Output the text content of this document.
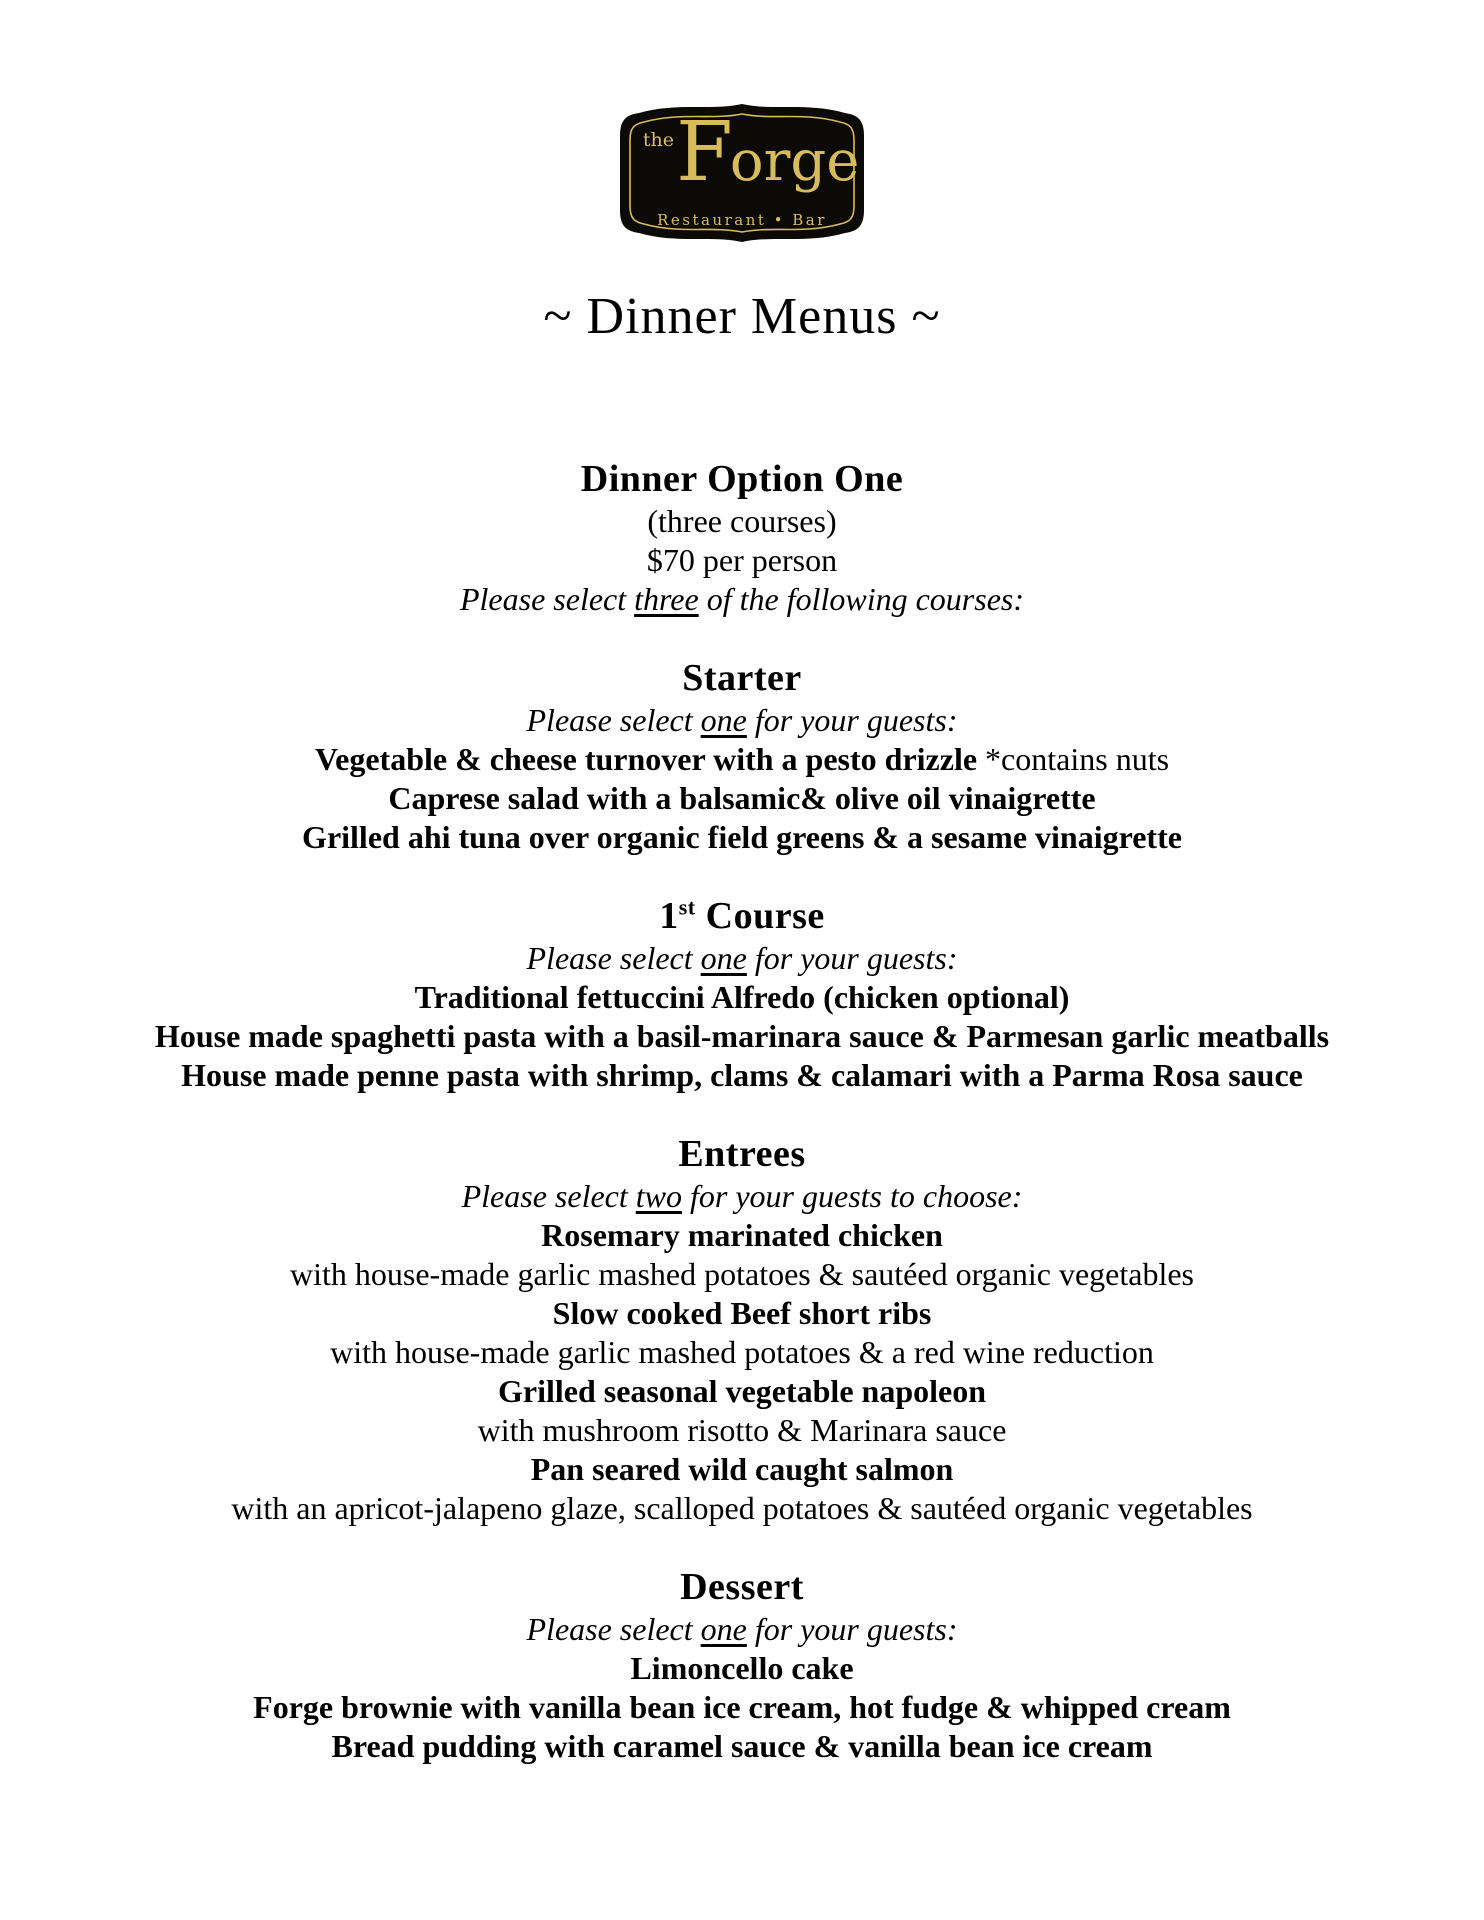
the Forge
Restaurant • Bar
~ Dinner Menus ~
Dinner Option One
(three courses)
$70 per person
Please select three of the following courses:
Starter
Please select one for your guests:
Vegetable & cheese turnover with a pesto drizzle *contains nuts
Caprese salad with a balsamic& olive oil vinaigrette
Grilled ahi tuna over organic field greens & a sesame vinaigrette
1st Course
Please select one for your guests:
Traditional fettuccini Alfredo (chicken optional)
House made spaghetti pasta with a basil-marinara sauce & Parmesan garlic meatballs
House made penne pasta with shrimp, clams & calamari with a Parma Rosa sauce
Entrees
Please select two for your guests to choose:
Rosemary marinated chicken
with house-made garlic mashed potatoes & sautéed organic vegetables
Slow cooked Beef short ribs
with house-made garlic mashed potatoes & a red wine reduction
Grilled seasonal vegetable napoleon
with mushroom risotto & Marinara sauce
Pan seared wild caught salmon
with an apricot-jalapeno glaze, scalloped potatoes & sautéed organic vegetables
Dessert
Please select one for your guests:
Limoncello cake
Forge brownie with vanilla bean ice cream, hot fudge & whipped cream
Bread pudding with caramel sauce & vanilla bean ice cream
